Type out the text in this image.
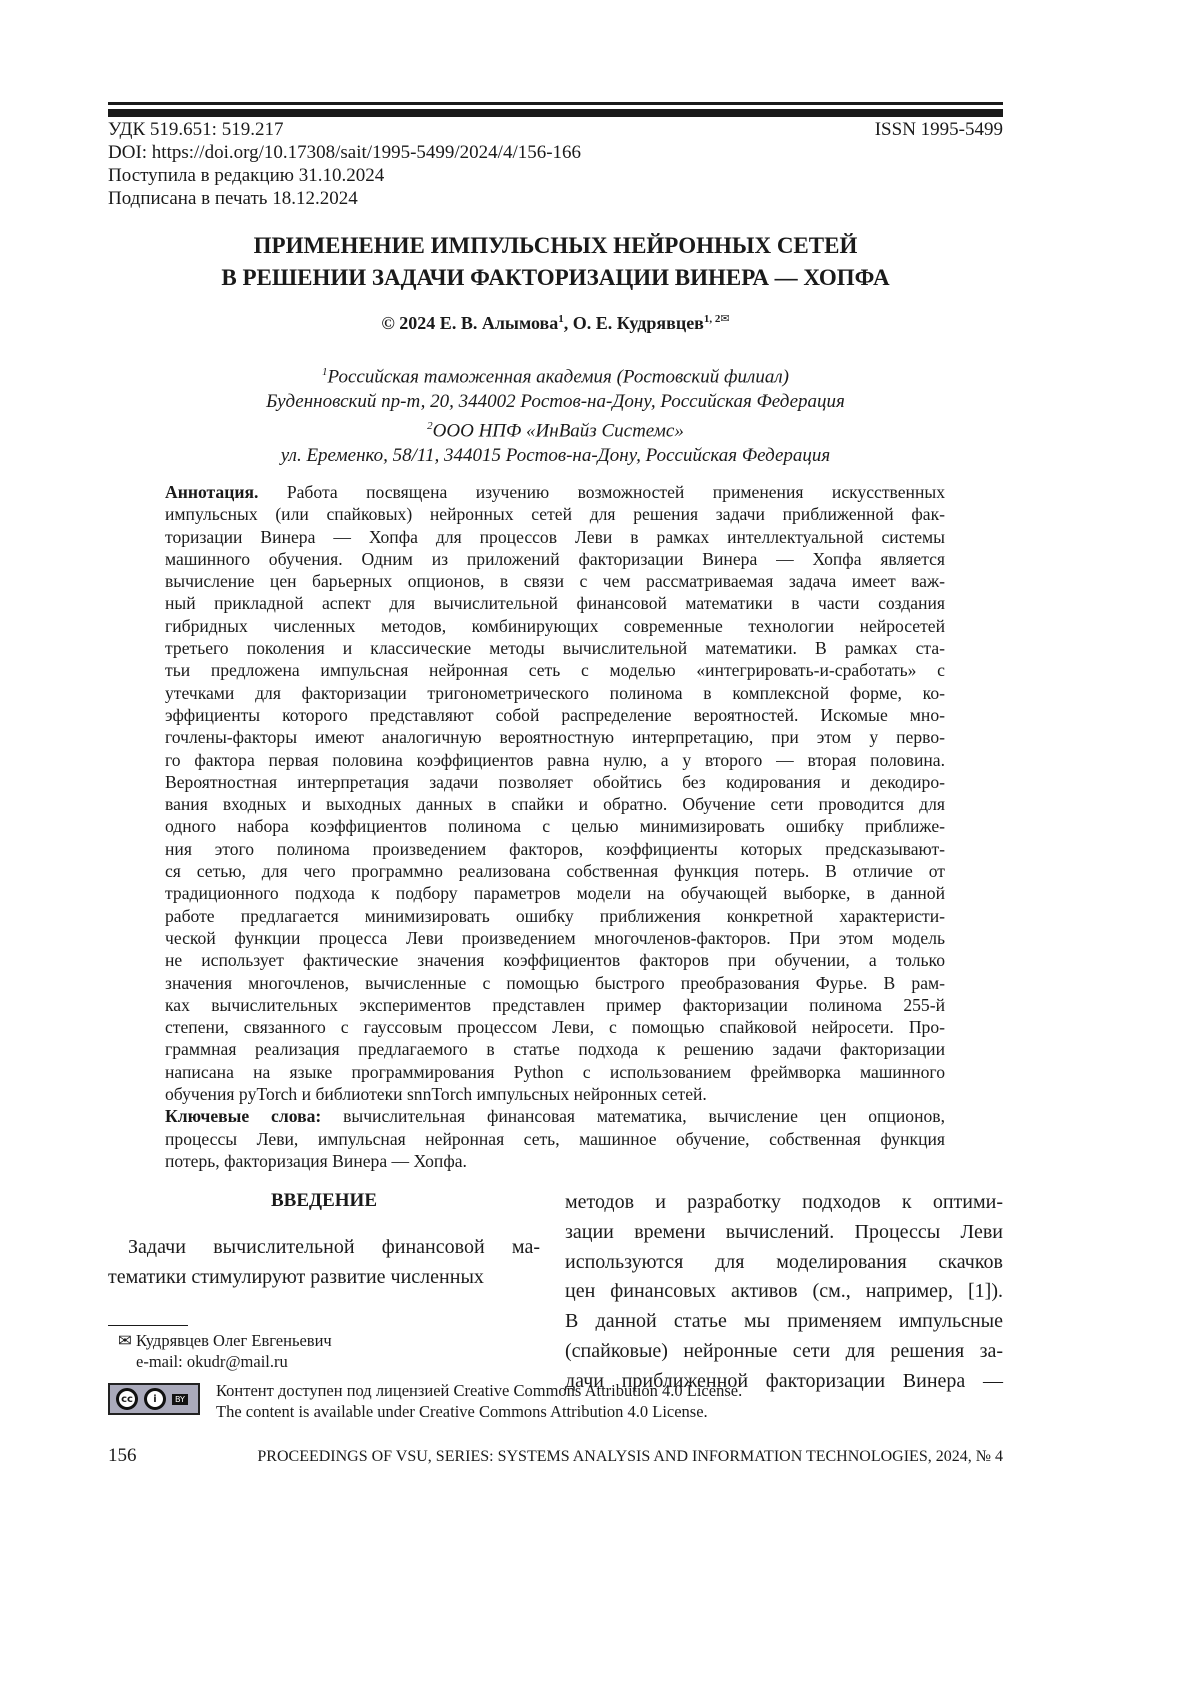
УДК 519.651: 519.217
DOI: https://doi.org/10.17308/sait/1995-5499/2024/4/156-166
Поступила в редакцию 31.10.2024
Подписана в печать 18.12.2024
ISSN 1995-5499
ПРИМЕНЕНИЕ ИМПУЛЬСНЫХ НЕЙРОННЫХ СЕТЕЙ
В РЕШЕНИИ ЗАДАЧИ ФАКТОРИЗАЦИИ ВИНЕРА — ХОПФА
© 2024 Е. В. Алымова1, О. Е. Кудрявцев1, 2✉
1Российская таможенная академия (Ростовский филиал)
Буденновский пр-т, 20, 344002 Ростов-на-Дону, Российская Федерация
2ООО НПФ «ИнВайз Системс»
ул. Еременко, 58/11, 344015 Ростов-на-Дону, Российская Федерация
Аннотация. Работа посвящена изучению возможностей применения искусственных
импульсных (или спайковых) нейронных сетей для решения задачи приближенной фак-
торизации Винера — Хопфа для процессов Леви в рамках интеллектуальной системы
машинного обучения. Одним из приложений факторизации Винера — Хопфа является
вычисление цен барьерных опционов, в связи с чем рассматриваемая задача имеет важ-
ный прикладной аспект для вычислительной финансовой математики в части создания
гибридных численных методов, комбинирующих современные технологии нейросетей
третьего поколения и классические методы вычислительной математики. В рамках ста-
тьи предложена импульсная нейронная сеть с моделью «интегрировать-и-сработать» с
утечками для факторизации тригонометрического полинома в комплексной форме, ко-
эффициенты которого представляют собой распределение вероятностей. Искомые мно-
гочлены-факторы имеют аналогичную вероятностную интерпретацию, при этом у перво-
го фактора первая половина коэффициентов равна нулю, а у второго — вторая половина.
Вероятностная интерпретация задачи позволяет обойтись без кодирования и декодиро-
вания входных и выходных данных в спайки и обратно. Обучение сети проводится для
одного набора коэффициентов полинома с целью минимизировать ошибку приближе-
ния этого полинома произведением факторов, коэффициенты которых предсказывают-
ся сетью, для чего программно реализована собственная функция потерь. В отличие от
традиционного подхода к подбору параметров модели на обучающей выборке, в данной
работе предлагается минимизировать ошибку приближения конкретной характеристи-
ческой функции процесса Леви произведением многочленов-факторов. При этом модель
не использует фактические значения коэффициентов факторов при обучении, а только
значения многочленов, вычисленные с помощью быстрого преобразования Фурье. В рам-
ках вычислительных экспериментов представлен пример факторизации полинома 255-й
степени, связанного с гауссовым процессом Леви, с помощью спайковой нейросети. Про-
граммная реализация предлагаемого в статье подхода к решению задачи факторизации
написана на языке программирования Python с использованием фреймворка машинного
обучения pyTorch и библиотеки snnTorch импульсных нейронных сетей.
Ключевые слова: вычислительная финансовая математика, вычисление цен опционов,
процессы Леви, импульсная нейронная сеть, машинное обучение, собственная функция
потерь, факторизация Винера — Хопфа.
ВВЕДЕНИЕ
Задачи вычислительной финансовой ма-
тематики стимулируют развитие численных
методов и разработку подходов к оптими-
зации времени вычислений. Процессы Леви
используются для моделирования скачков
цен финансовых активов (см., например, [1]).
В данной статье мы применяем импульсные
(спайковые) нейронные сети для решения за-
дачи приближенной факторизации Винера —
✉ Кудрявцев Олег Евгеньевич
e-mail: okudr@mail.ru
cc	i	BY Контент доступен под лицензией Creative Commons Attribution 4.0 License.
The content is available under Creative Commons Attribution 4.0 License.
156	PROCEEDINGS OF VSU, SERIES: SYSTEMS ANALYSIS AND INFORMATION TECHNOLOGIES, 2024, № 4
